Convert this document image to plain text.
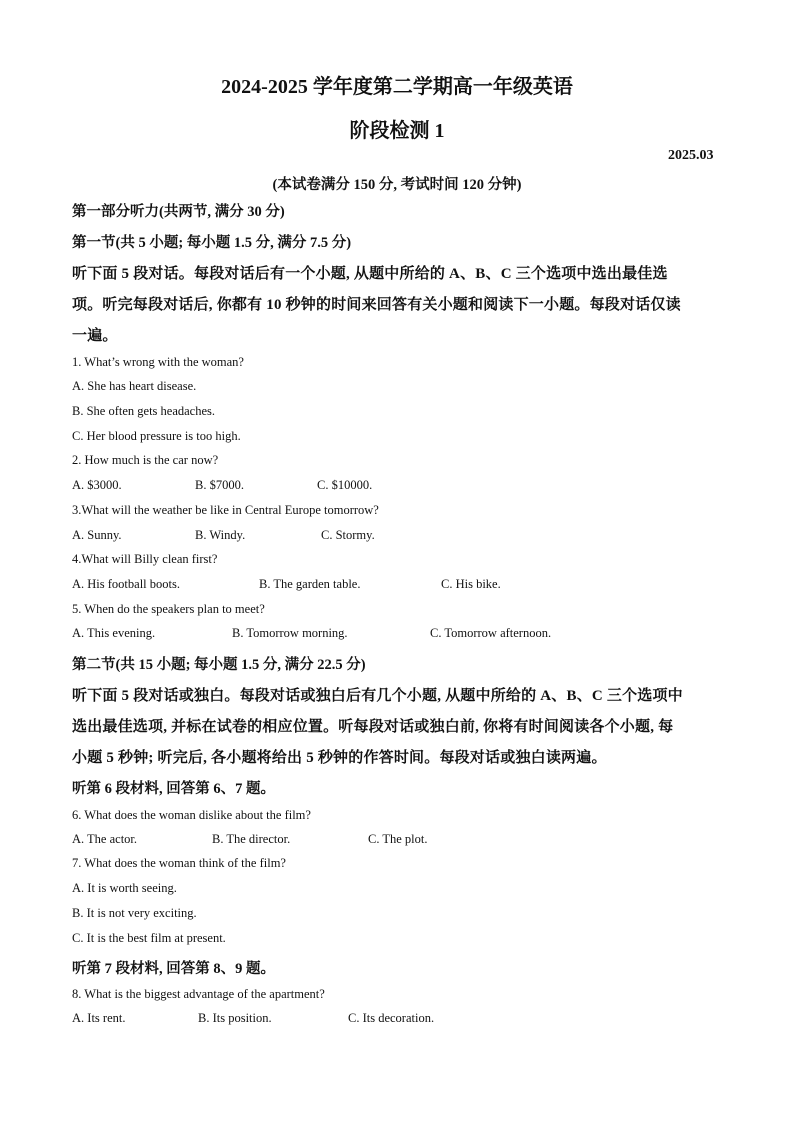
2024-2025 学年度第二学期高一年级英语
阶段检测 1
2025.03
(本试卷满分 150 分, 考试时间 120 分钟)
第一部分听力(共两节, 满分 30 分)
第一节(共 5 小题; 每小题 1.5 分, 满分 7.5 分)
听下面 5 段对话。每段对话后有一个小题, 从题中所给的 A、B、C 三个选项中选出最佳选
项。听完每段对话后, 你都有 10 秒钟的时间来回答有关小题和阅读下一小题。每段对话仅读
一遍。
1. What’s wrong with the woman?
A. She has heart disease.
B. She often gets headaches.
C. Her blood pressure is too high.
2. How much is the car now?
A. $3000.	B. $7000.	C. $10000.
3.What will the weather be like in Central Europe tomorrow?
A. Sunny.	B. Windy.	C. Stormy.
4.What will Billy clean first?
A. His football boots.	B. The garden table.	C. His bike.
5. When do the speakers plan to meet?
A. This evening.	B. Tomorrow morning.	C. Tomorrow afternoon.
第二节(共 15 小题; 每小题 1.5 分, 满分 22.5 分)
听下面 5 段对话或独白。每段对话或独白后有几个小题, 从题中所给的 A、B、C 三个选项中
选出最佳选项, 并标在试卷的相应位置。听每段对话或独白前, 你将有时间阅读各个小题, 每
小题 5 秒钟; 听完后, 各小题将给出 5 秒钟的作答时间。每段对话或独白读两遍。
听第 6 段材料, 回答第 6、7 题。
6. What does the woman dislike about the film?
A. The actor.	B. The director.	C. The plot.
7. What does the woman think of the film?
A. It is worth seeing.
B. It is not very exciting.
C. It is the best film at present.
听第 7 段材料, 回答第 8、9 题。
8. What is the biggest advantage of the apartment?
A. Its rent.	B. Its position.	C. Its decoration.
